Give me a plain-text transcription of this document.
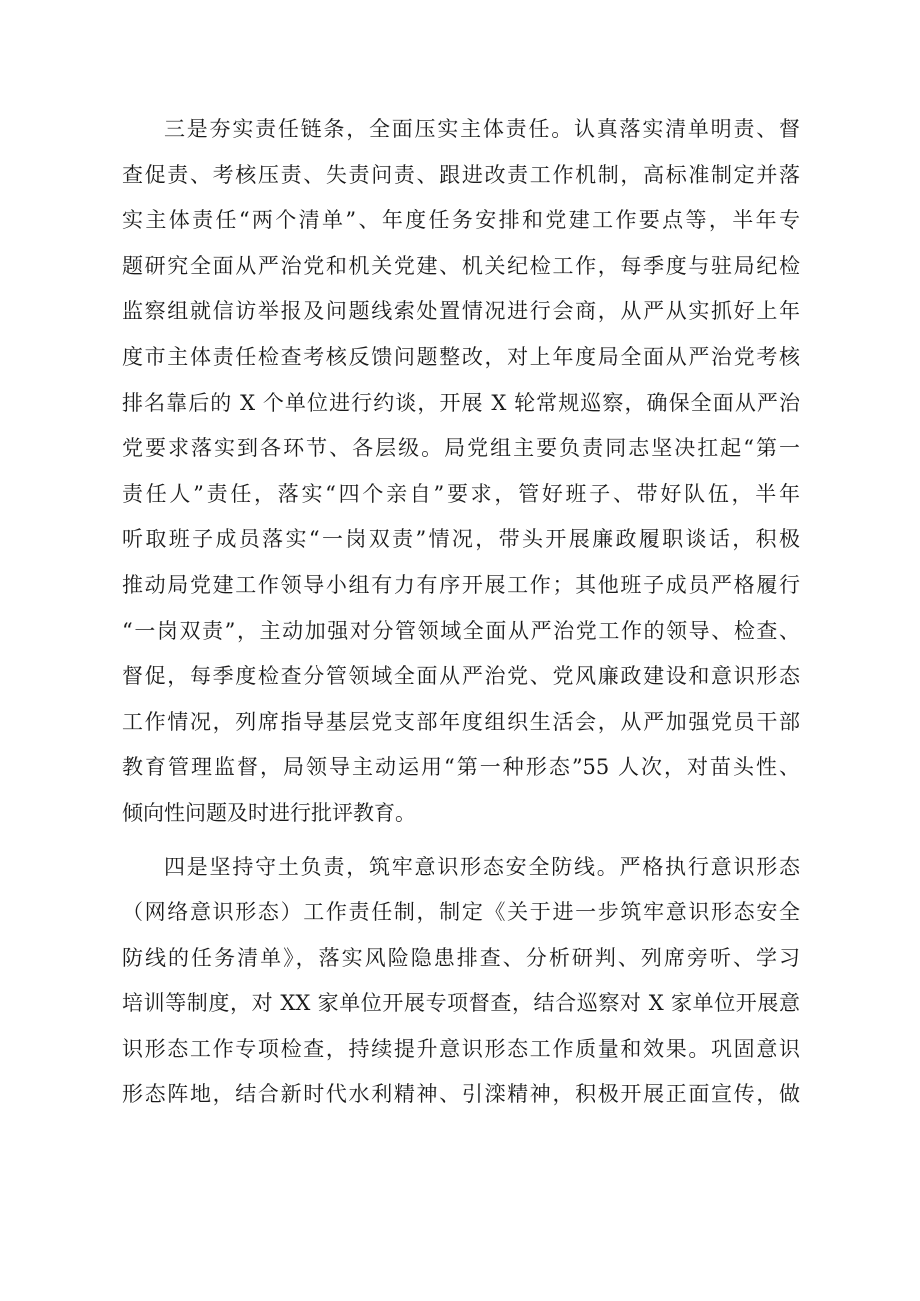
三是夯实责任链条，全面压实主体责任。认真落实清单明责、督
查促责、考核压责、失责问责、跟进改责工作机制，高标准制定并落
实主体责任“两个清单”、年度任务安排和党建工作要点等，半年专
题研究全面从严治党和机关党建、机关纪检工作，每季度与驻局纪检
监察组就信访举报及问题线索处置情况进行会商，从严从实抓好上年
度市主体责任检查考核反馈问题整改，对上年度局全面从严治党考核
排名靠后的 X 个单位进行约谈，开展 X 轮常规巡察，确保全面从严治
党要求落实到各环节、各层级。局党组主要负责同志坚决扛起“第一
责任人”责任，落实“四个亲自”要求，管好班子、带好队伍，半年
听取班子成员落实“一岗双责”情况，带头开展廉政履职谈话，积极
推动局党建工作领导小组有力有序开展工作；其他班子成员严格履行
“一岗双责”，主动加强对分管领域全面从严治党工作的领导、检查、
督促，每季度检查分管领域全面从严治党、党风廉政建设和意识形态
工作情况，列席指导基层党支部年度组织生活会，从严加强党员干部
教育管理监督，局领导主动运用“第一种形态”55 人次，对苗头性、
倾向性问题及时进行批评教育。

四是坚持守土负责，筑牢意识形态安全防线。严格执行意识形态
（网络意识形态）工作责任制，制定《关于进一步筑牢意识形态安全
防线的任务清单》，落实风险隐患排查、分析研判、列席旁听、学习
培训等制度，对 XX 家单位开展专项督查，结合巡察对 X 家单位开展意
识形态工作专项检查，持续提升意识形态工作质量和效果。巩固意识
形态阵地，结合新时代水利精神、引滦精神，积极开展正面宣传，做
